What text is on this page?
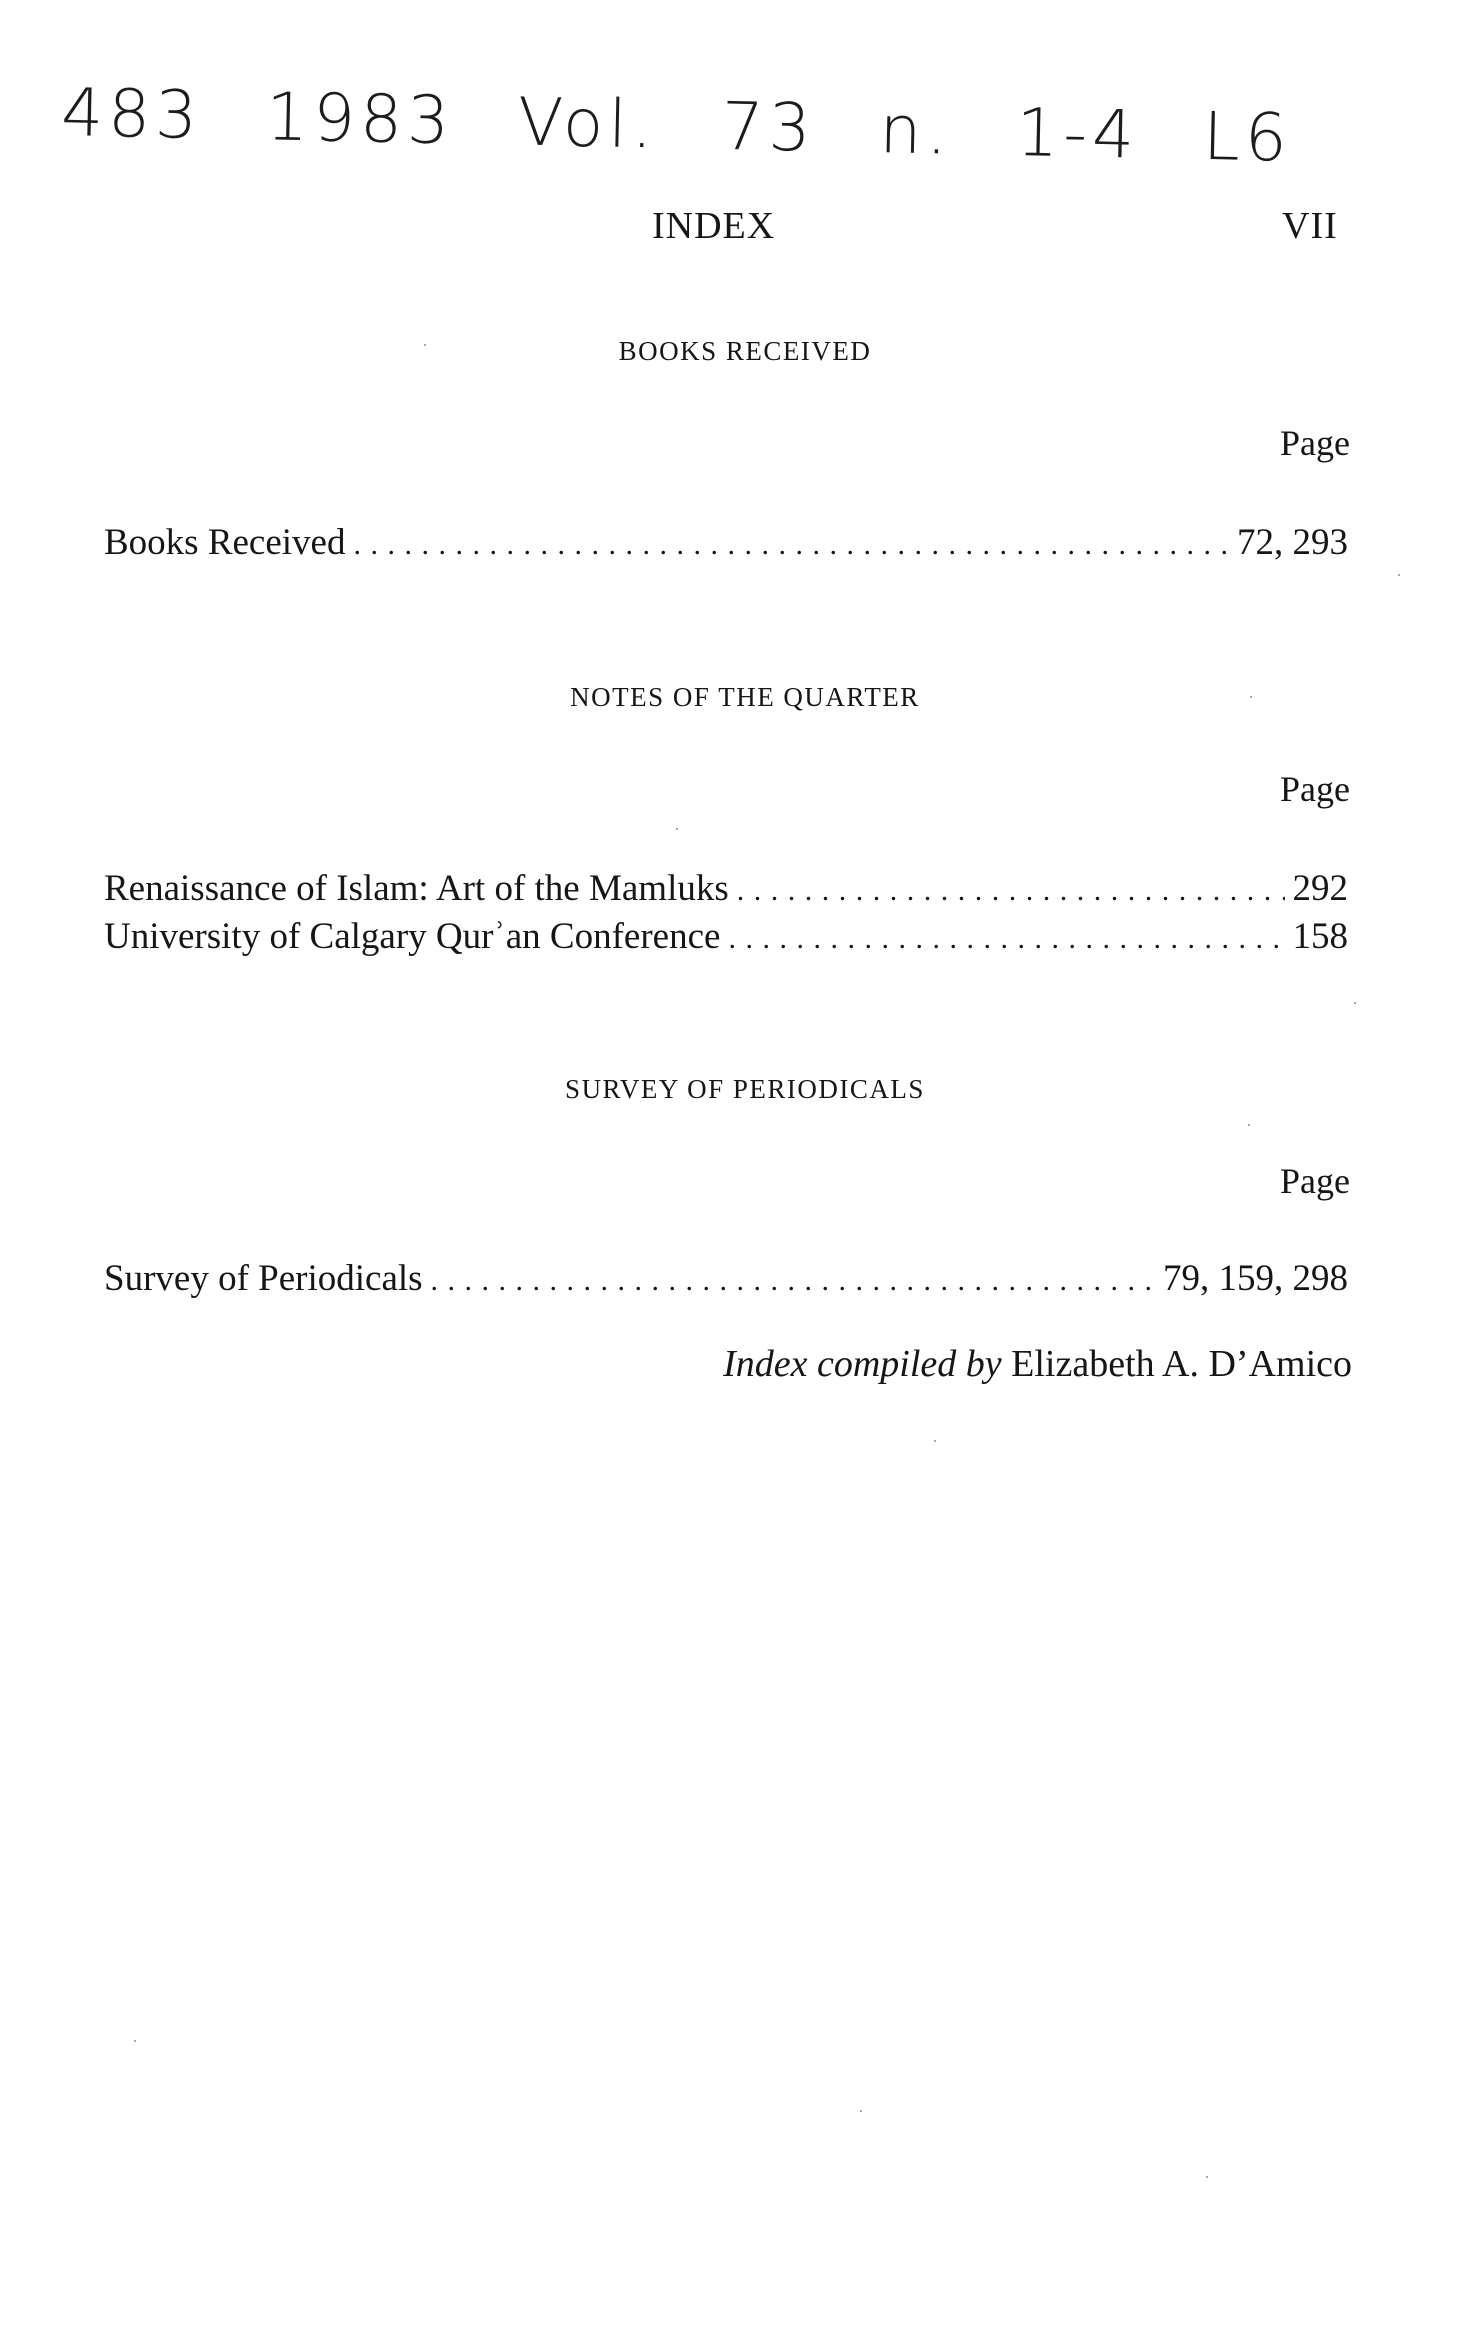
483 1983 Vol. 73 n. 1-4 L6
INDEX	VII
BOOKS RECEIVED
Page
Books Received . . .	72, 293
NOTES OF THE QUARTER
Page
Renaissance of Islam: Art of the Mamluks . . .	292
University of Calgary Qurʾan Conference . . .	158
SURVEY OF PERIODICALS
Page
Survey of Periodicals . . .	79, 159, 298
Index compiled by Elizabeth A. D’Amico
